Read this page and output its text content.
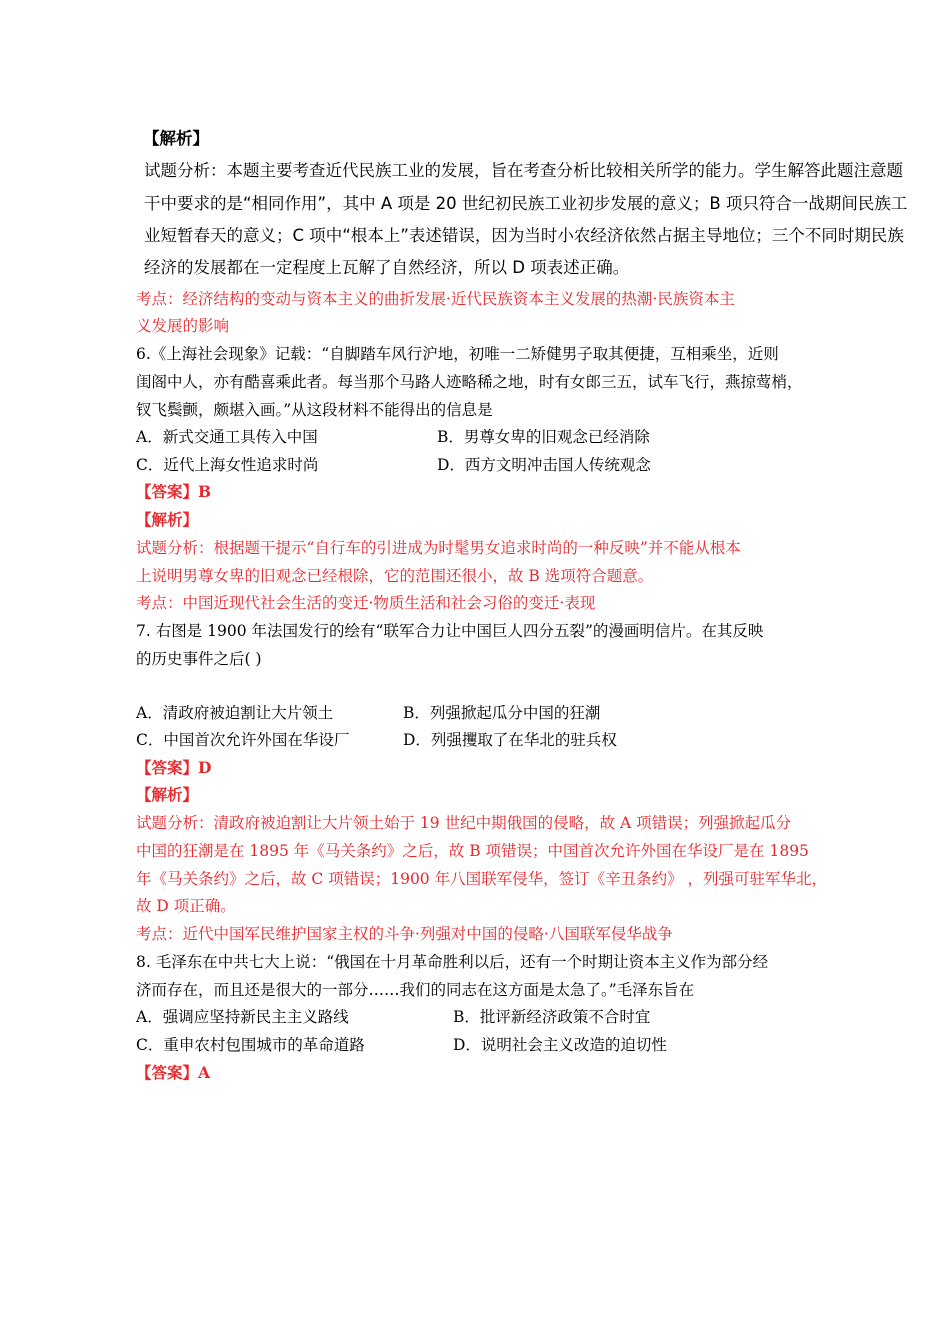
【解析】
试题分析：本题主要考查近代民族工业的发展，旨在考查分析比较相关所学的能力。学生解答此题注意题
干中要求的是“相同作用”，其中 A 项是 20 世纪初民族工业初步发展的意义；B 项只符合一战期间民族工
业短暂春天的意义；C 项中“根本上”表述错误，因为当时小农经济依然占据主导地位；三个不同时期民族
经济的发展都在一定程度上瓦解了自然经济，所以 D 项表述正确。
考点：经济结构的变动与资本主义的曲折发展·近代民族资本主义发展的热潮·民族资本主
义发展的影响
6.《上海社会现象》记载：“自脚踏车风行沪地，初唯一二矫健男子取其便捷，互相乘坐，近则
闺阁中人，亦有酷喜乘此者。每当那个马路人迹略稀之地，时有女郎三五，试车飞行，燕掠莺梢，
钗飞鬓颤，颇堪入画。”从这段材料不能得出的信息是
A．新式交通工具传入中国	B．男尊女卑的旧观念已经消除
C．近代上海女性追求时尚	D．西方文明冲击国人传统观念
【答案】B
【解析】
试题分析：根据题干提示“自行车的引进成为时髦男女追求时尚的一种反映”并不能从根本
上说明男尊女卑的旧观念已经根除，它的范围还很小，故 B 选项符合题意。
考点：中国近现代社会生活的变迁·物质生活和社会习俗的变迁·表现
7. 右图是 1900 年法国发行的绘有“联军合力让中国巨人四分五裂”的漫画明信片。在其反映
的历史事件之后( )
A．清政府被迫割让大片领土	B．列强掀起瓜分中国的狂潮
C．中国首次允许外国在华设厂	D．列强攫取了在华北的驻兵权
【答案】D
【解析】
试题分析：清政府被迫割让大片领土始于 19 世纪中期俄国的侵略，故 A 项错误；列强掀起瓜分
中国的狂潮是在 1895 年《马关条约》之后，故 B 项错误；中国首次允许外国在华设厂是在 1895
年《马关条约》之后，故 C 项错误；1900 年八国联军侵华，签订《辛丑条约》 ，列强可驻军华北，
故 D 项正确。
考点：近代中国军民维护国家主权的斗争·列强对中国的侵略·八国联军侵华战争
8. 毛泽东在中共七大上说：“俄国在十月革命胜利以后，还有一个时期让资本主义作为部分经
济而存在，而且还是很大的一部分……我们的同志在这方面是太急了。”毛泽东旨在
A．强调应坚持新民主主义路线	B．批评新经济政策不合时宜
C．重申农村包围城市的革命道路	D．说明社会主义改造的迫切性
【答案】A
